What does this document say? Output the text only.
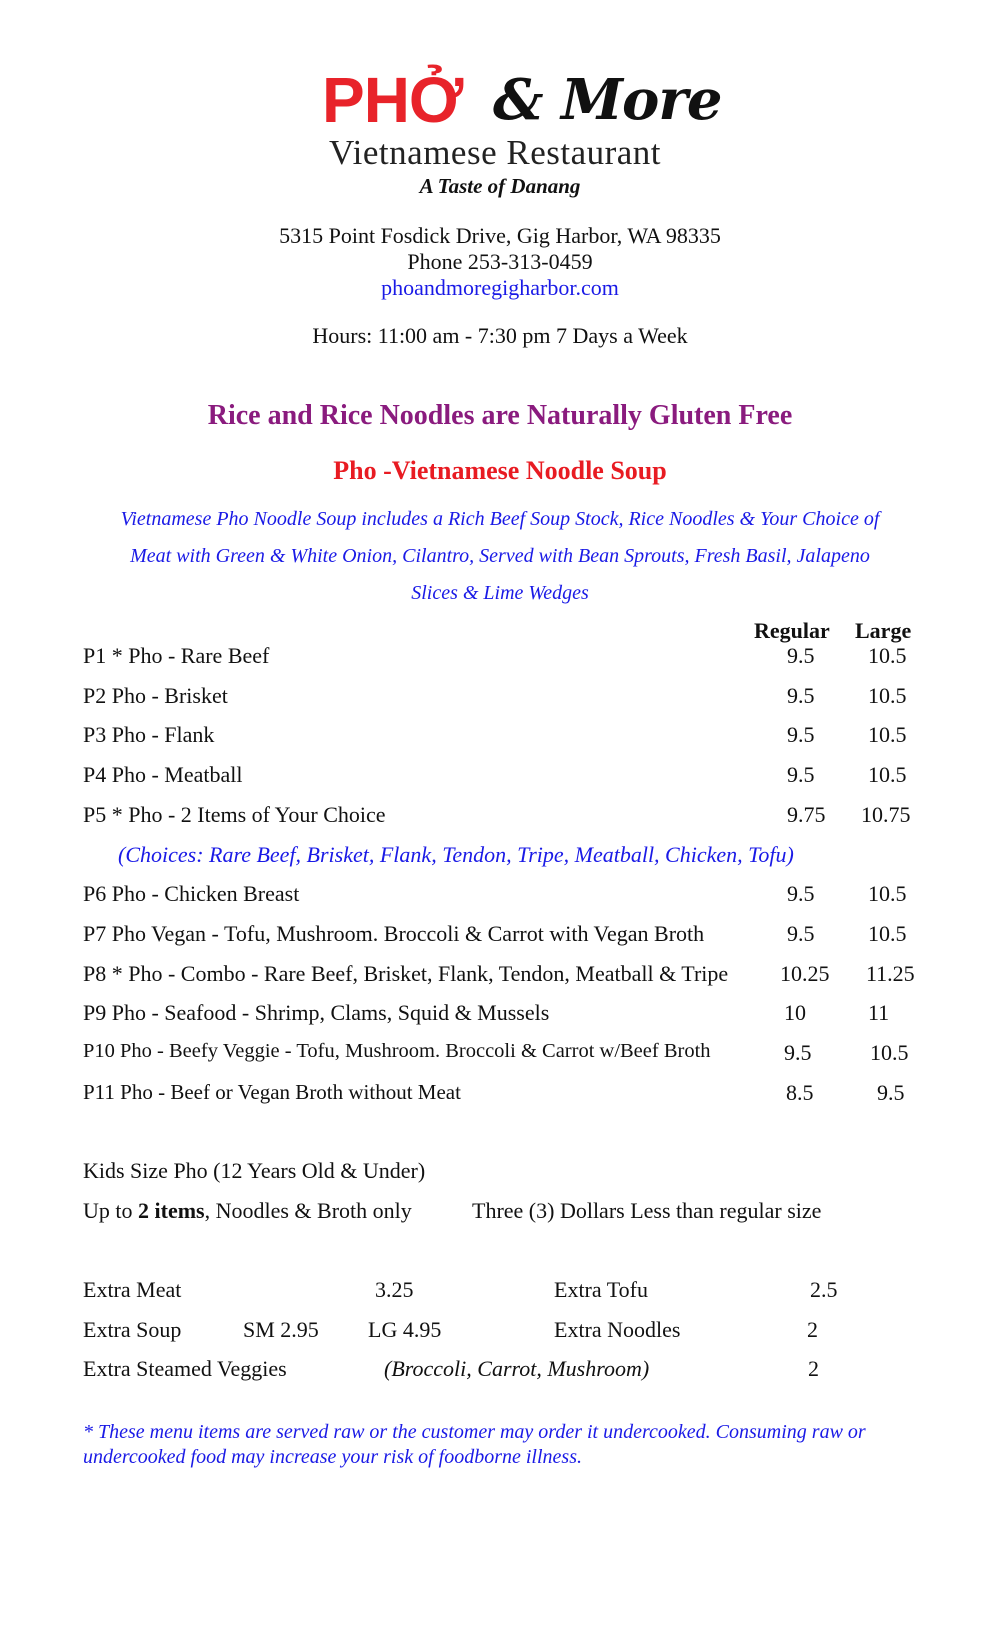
PHỞ & More
Vietnamese Restaurant
A Taste of Danang
5315 Point Fosdick Drive, Gig Harbor, WA 98335
Phone 253-313-0459
phoandmoregigharbor.com
Hours: 11:00 am - 7:30 pm 7 Days a Week
Rice and Rice Noodles are Naturally Gluten Free
Pho -Vietnamese Noodle Soup
Vietnamese Pho Noodle Soup includes a Rich Beef Soup Stock, Rice Noodles & Your Choice of
Meat with Green & White Onion, Cilantro, Served with Bean Sprouts, Fresh Basil, Jalapeno
Slices & Lime Wedges
Regular Large
P1 * Pho - Rare Beef	9.5 10.5
P2 Pho - Brisket	9.5 10.5
P3 Pho - Flank	9.5 10.5
P4 Pho - Meatball	9.5 10.5
P5 * Pho - 2 Items of Your Choice	9.75 10.75
(Choices: Rare Beef, Brisket, Flank, Tendon, Tripe, Meatball, Chicken, Tofu)
P6 Pho - Chicken Breast	9.5 10.5
P7 Pho Vegan - Tofu, Mushroom. Broccoli & Carrot with Vegan Broth	9.5 10.5
P8 * Pho - Combo - Rare Beef, Brisket, Flank, Tendon, Meatball & Tripe 10.25 11.25
P9 Pho - Seafood - Shrimp, Clams, Squid & Mussels	10	11
P10 Pho - Beefy Veggie - Tofu, Mushroom. Broccoli & Carrot w/Beef Broth	9.5	10.5
P11 Pho - Beef or Vegan Broth without Meat	8.5	9.5
Kids Size Pho (12 Years Old & Under)
Up to 2 items, Noodles & Broth only	Three (3) Dollars Less than regular size
Extra Meat	3.25	Extra Tofu	2.5
Extra Soup	SM 2.95 LG 4.95	Extra Noodles	2
Extra Steamed Veggies	(Broccoli, Carrot, Mushroom)	2
* These menu items are served raw or the customer may order it undercooked. Consuming raw or undercooked food may increase your risk of foodborne illness.
